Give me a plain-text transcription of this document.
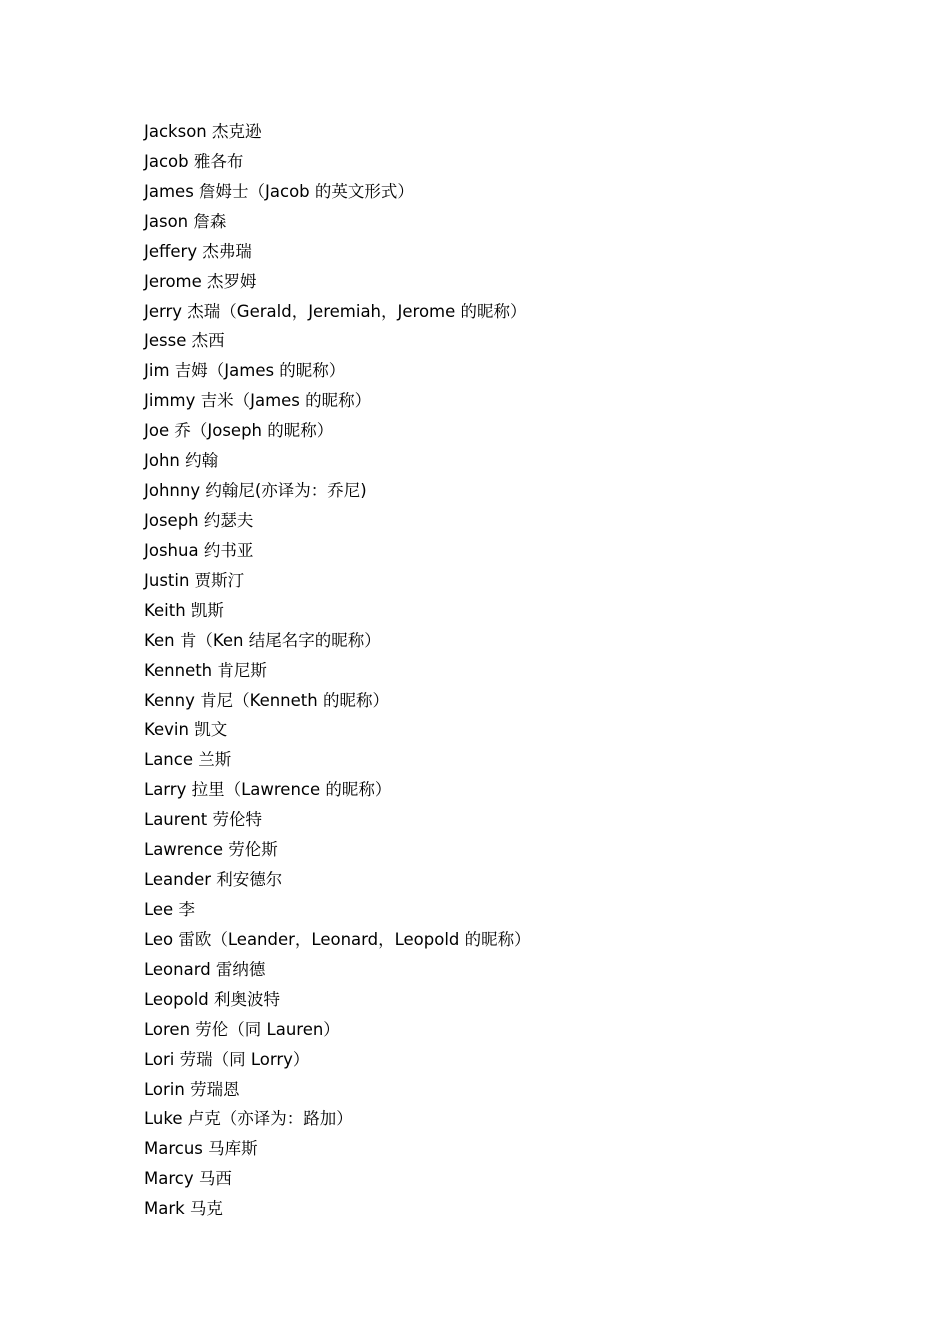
Jackson 杰克逊
Jacob 雅各布
James 詹姆士（Jacob 的英文形式）
Jason 詹森
Jeffery 杰弗瑞
Jerome 杰罗姆
Jerry 杰瑞（Gerald，Jeremiah，Jerome 的昵称）
Jesse 杰西
Jim 吉姆（James 的昵称）
Jimmy 吉米（James 的昵称）
Joe 乔（Joseph 的昵称）
John 约翰
Johnny 约翰尼(亦译为：乔尼)
Joseph 约瑟夫
Joshua 约书亚
Justin 贾斯汀
Keith 凯斯
Ken 肯（Ken 结尾名字的昵称）
Kenneth 肯尼斯
Kenny 肯尼（Kenneth 的昵称）
Kevin 凯文
Lance 兰斯
Larry 拉里（Lawrence 的昵称）
Laurent 劳伦特
Lawrence 劳伦斯
Leander 利安德尔
Lee 李
Leo 雷欧（Leander，Leonard，Leopold 的昵称）
Leonard 雷纳德
Leopold 利奥波特
Loren 劳伦（同 Lauren）
Lori 劳瑞（同 Lorry）
Lorin 劳瑞恩
Luke 卢克（亦译为：路加）
Marcus 马库斯
Marcy 马西
Mark 马克
